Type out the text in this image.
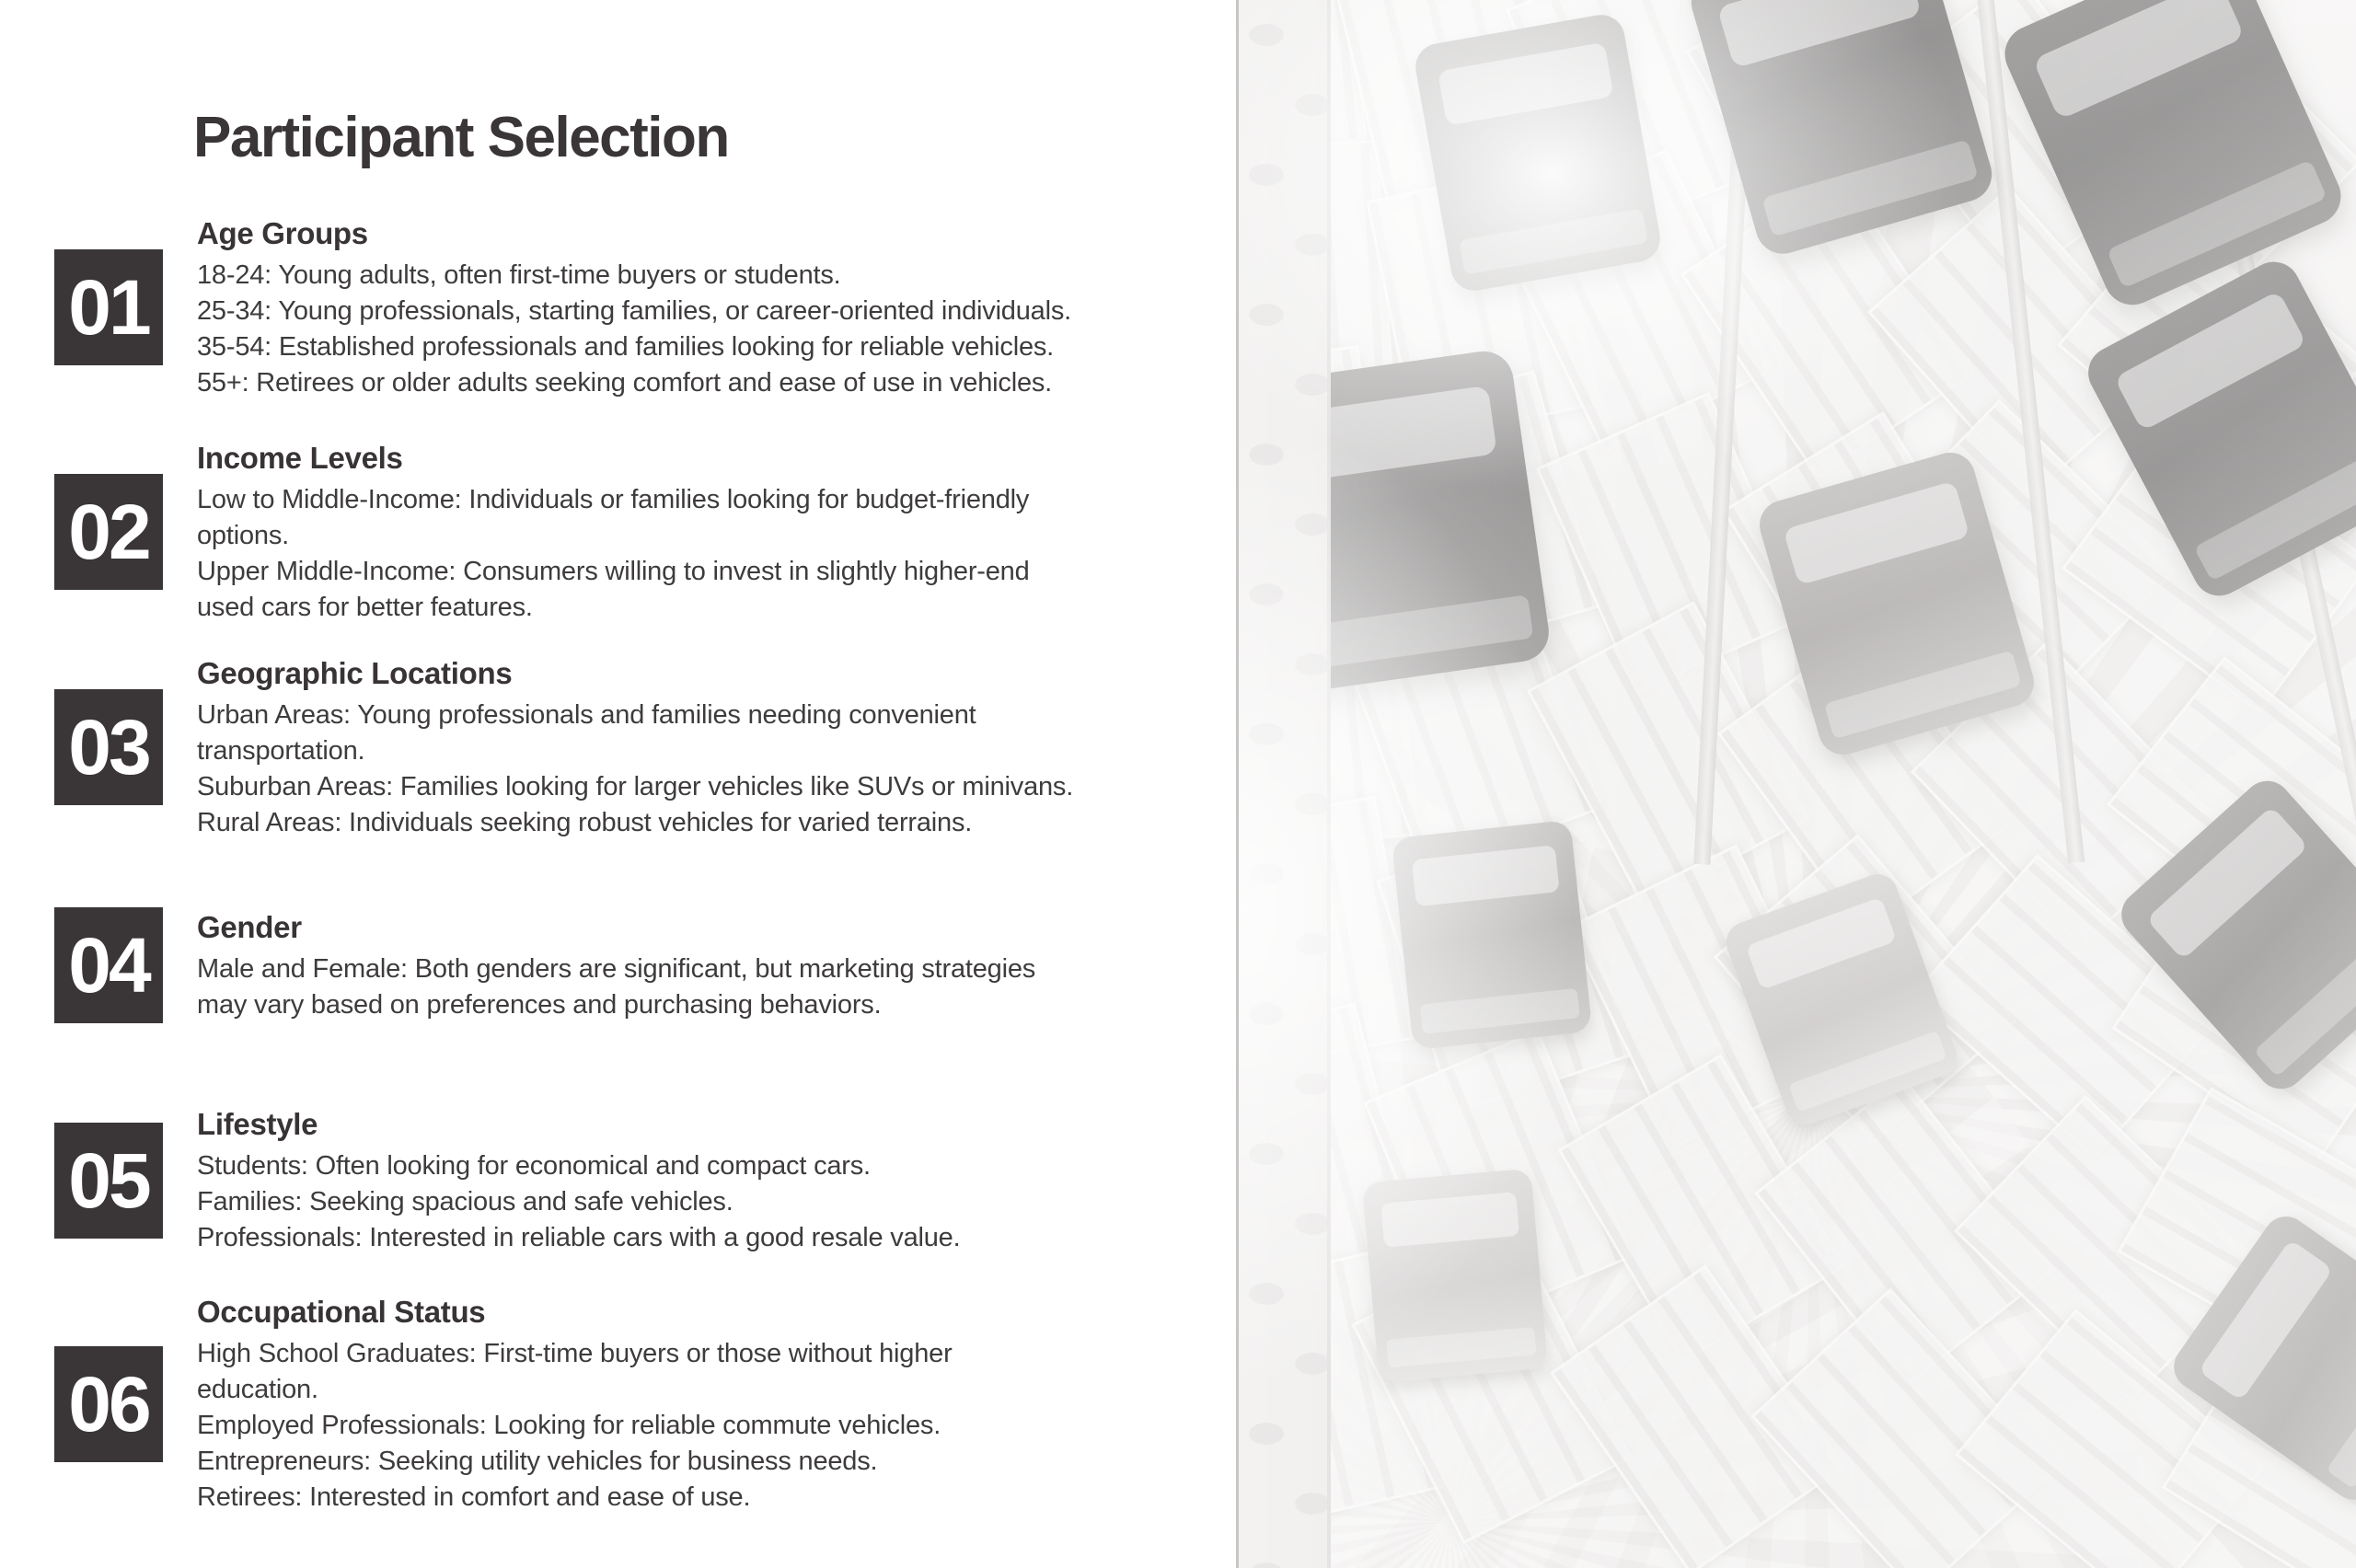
Participant Selection
01
Age Groups
18-24: Young adults, often first-time buyers or students.
25-34: Young professionals, starting families, or career-oriented individuals.
35-54: Established professionals and families looking for reliable vehicles.
55+: Retirees or older adults seeking comfort and ease of use in vehicles.
02
Income Levels
Low to Middle-Income: Individuals or families looking for budget-friendly
options.
Upper Middle-Income: Consumers willing to invest in slightly higher-end
used cars for better features.
03
Geographic Locations
Urban Areas: Young professionals and families needing convenient
transportation.
Suburban Areas: Families looking for larger vehicles like SUVs or minivans.
Rural Areas: Individuals seeking robust vehicles for varied terrains.
04 Gender
Male and Female: Both genders are significant, but marketing strategies
may vary based on preferences and purchasing behaviors.
05
Lifestyle
Students: Often looking for economical and compact cars.
Families: Seeking spacious and safe vehicles.
Professionals: Interested in reliable cars with a good resale value.
06
Occupational Status
High School Graduates: First-time buyers or those without higher
education.
Employed Professionals: Looking for reliable commute vehicles.
Entrepreneurs: Seeking utility vehicles for business needs.
Retirees: Interested in comfort and ease of use.
